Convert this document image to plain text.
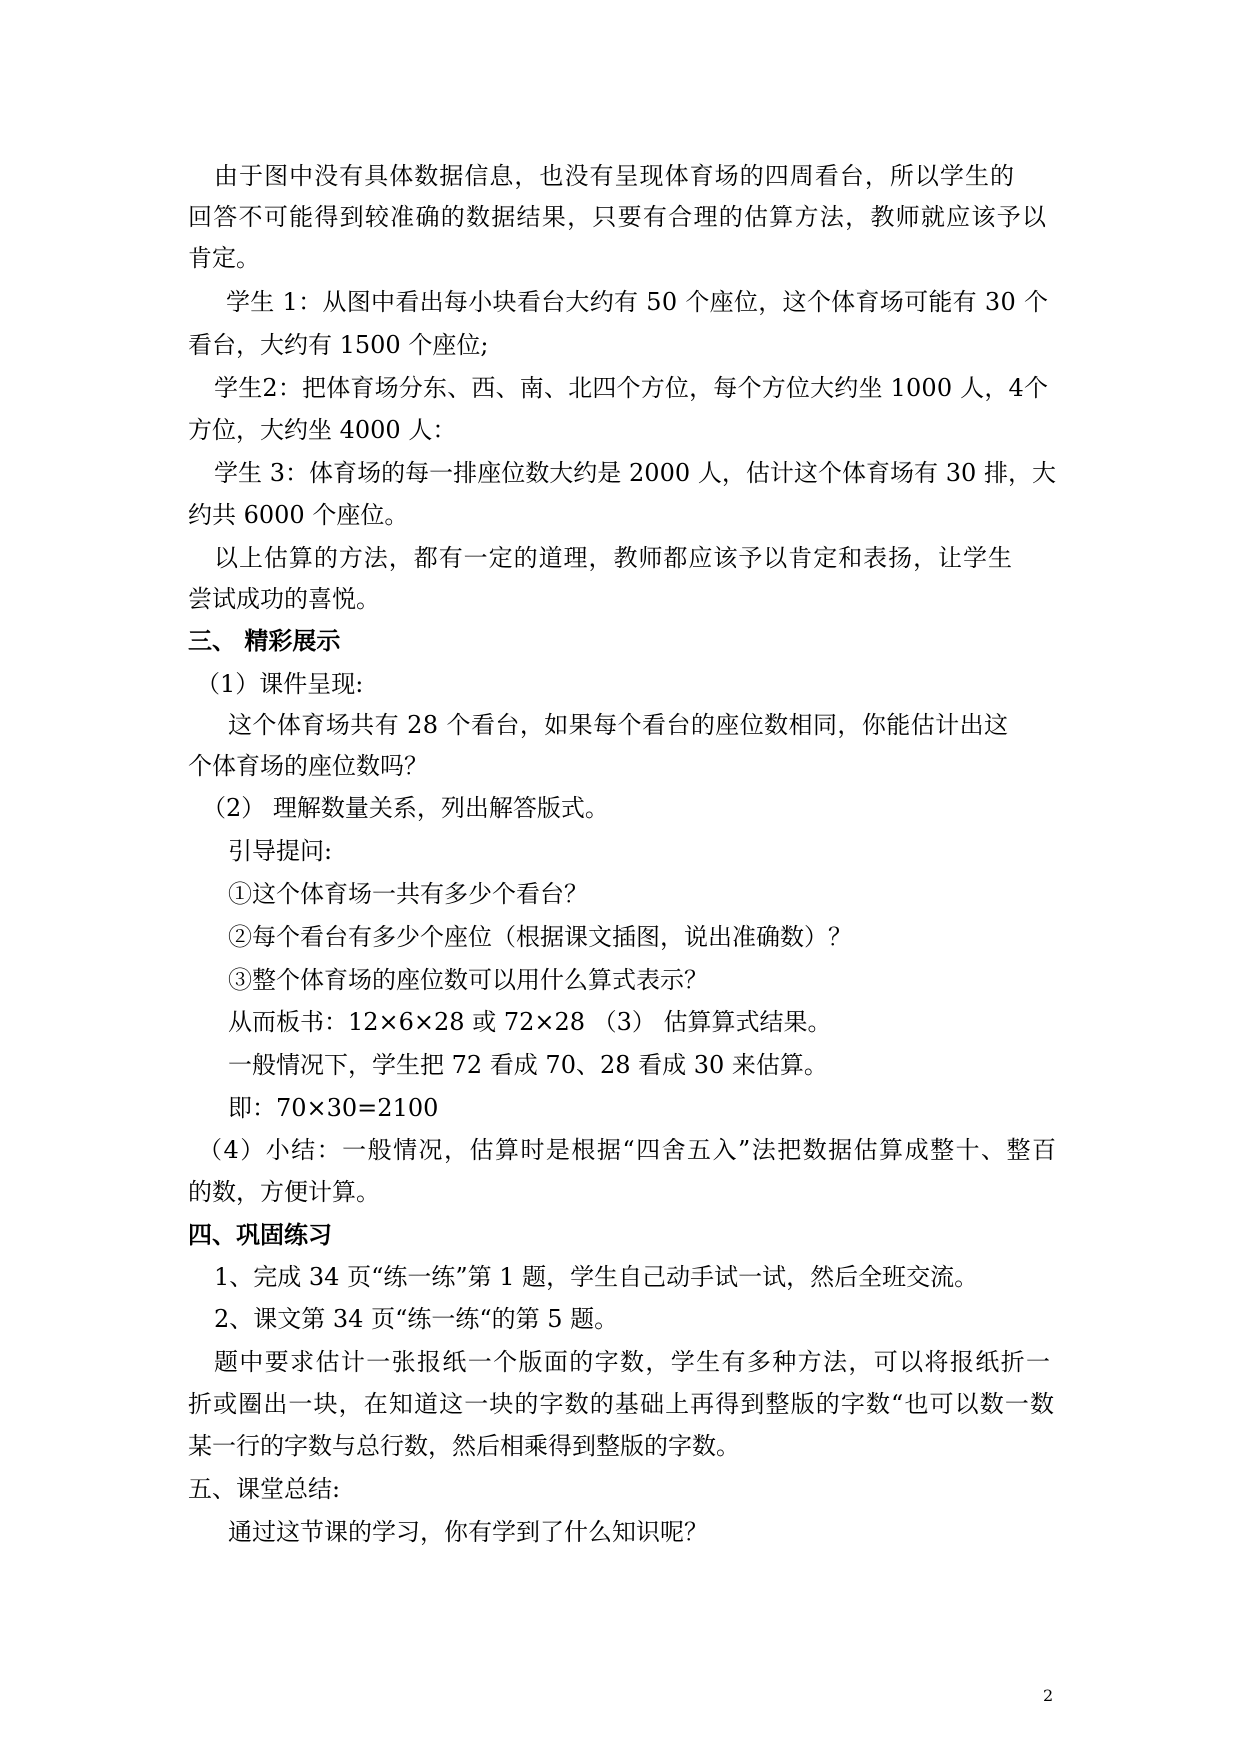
由于图中没有具体数据信息，也没有呈现体育场的四周看台，所以学生的
回答不可能得到较准确的数据结果，只要有合理的估算方法，教师就应该予以
肯定。
学生 1：从图中看出每小块看台大约有 50 个座位，这个体育场可能有 30 个
看台，大约有 1500 个座位;
学生2：把体育场分东、西、南、北四个方位，每个方位大约坐 1000 人，4个
方位，大约坐 4000 人：
学生 3：体育场的每一排座位数大约是 2000 人，估计这个体育场有 30 排，大
约共 6000 个座位。
以上估算的方法，都有一定的道理，教师都应该予以肯定和表扬，让学生
尝试成功的喜悦。
三、 精彩展示
（1）课件呈现:
这个体育场共有 28 个看台，如果每个看台的座位数相同，你能估计出这
个体育场的座位数吗？
（2） 理解数量关系，列出解答版式。
引导提问:
①这个体育场一共有多少个看台？
②每个看台有多少个座位（根据课文插图，说出准确数）？
③整个体育场的座位数可以用什么算式表示？
从而板书：12×6×28 或 72×28 （3） 估算算式结果。
一般情况下，学生把 72 看成 70、28 看成 30 来估算。
即：70×30=2100
（4）小结：一般情况，估算时是根据“四舍五入”法把数据估算成整十、整百
的数，方便计算。
四、巩固练习
1、完成 34 页“练一练”第 1 题，学生自己动手试一试，然后全班交流。
2、课文第 34 页“练一练“的第 5 题。
题中要求估计一张报纸一个版面的字数，学生有多种方法，可以将报纸折一
折或圈出一块，在知道这一块的字数的基础上再得到整版的字数“也可以数一数
某一行的字数与总行数，然后相乘得到整版的字数。
五、课堂总结:
通过这节课的学习，你有学到了什么知识呢？
2
